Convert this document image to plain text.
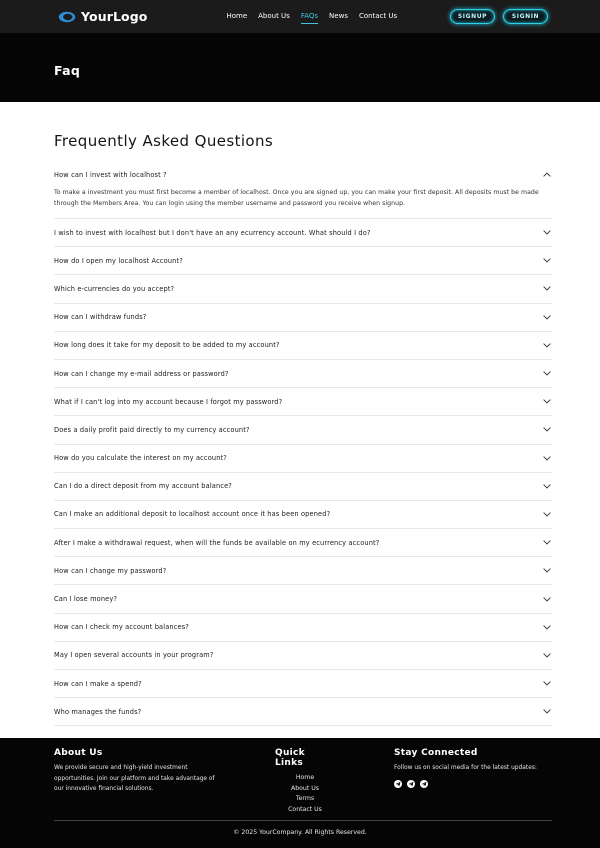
YourLogo	Home About Us FAQs News Contact Us	SIGNUP	SIGNIN
Faq
Frequently Asked Questions
How can I invest with localhost ?
To make a investment you must first become a member of localhost. Once you are signed up, you can make your first deposit. All deposits must be made through the Members Area. You can login using the member username and password you receive when signup.
I wish to invest with localhost but I don't have an any ecurrency account. What should I do?
How do I open my localhost Account?
Which e-currencies do you accept?
How can I withdraw funds?
How long does it take for my deposit to be added to my account?
How can I change my e-mail address or password?
What if I can't log into my account because I forgot my password?
Does a daily profit paid directly to my currency account?
How do you calculate the interest on my account?
Can I do a direct deposit from my account balance?
Can I make an additional deposit to localhost account once it has been opened?
After I make a withdrawal request, when will the funds be available on my ecurrency account?
How can I change my password?
Can I lose money?
How can I check my account balances?
May I open several accounts in your program?
How can I make a spend?
Who manages the funds?
About Us

We provide secure and high-yield investment opportunities. Join our platform and take advantage of our innovative financial solutions.

Quick Links
Home
About Us
Terms
Contact Us
Stay Connected

Follow us on social media for the latest updates:

© 2025 YourCompany. All Rights Reserved.
